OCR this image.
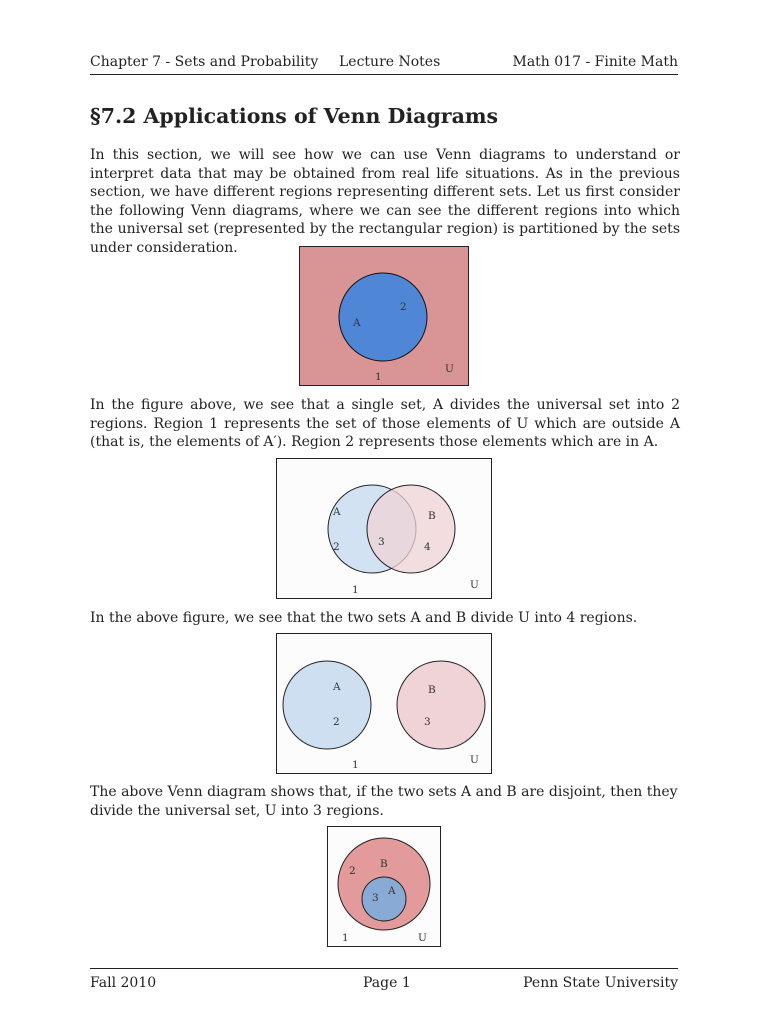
Chapter 7 - Sets and Probability Lecture Notes	Math 017 - Finite Math
§7.2 Applications of Venn Diagrams

In this section, we will see how we can use Venn diagrams to understand or interpret data that may be obtained from real life situations. As in the previous section, we have different regions representing different sets. Let us first consider the following Venn diagrams, where we can see the different regions into which the universal set (represented by the rectangular region) is partitioned by the sets under consideration.

A
2
1
U

In the figure above, we see that a single set, A divides the universal set into 2 regions. Region 1 represents the set of those elements of U which are outside A (that is, the elements of A′). Region 2 represents those elements which are in A.

A	B
2	3	4
1	U

In the above figure, we see that the two sets A and B divide U into 4 regions.

A	B
2	3
1	U

The above Venn diagram shows that, if the two sets A and B are disjoint, then they divide the universal set, U into 3 regions.

B
2
A
3
1	U
Fall 2010	Page 1	Penn State University
